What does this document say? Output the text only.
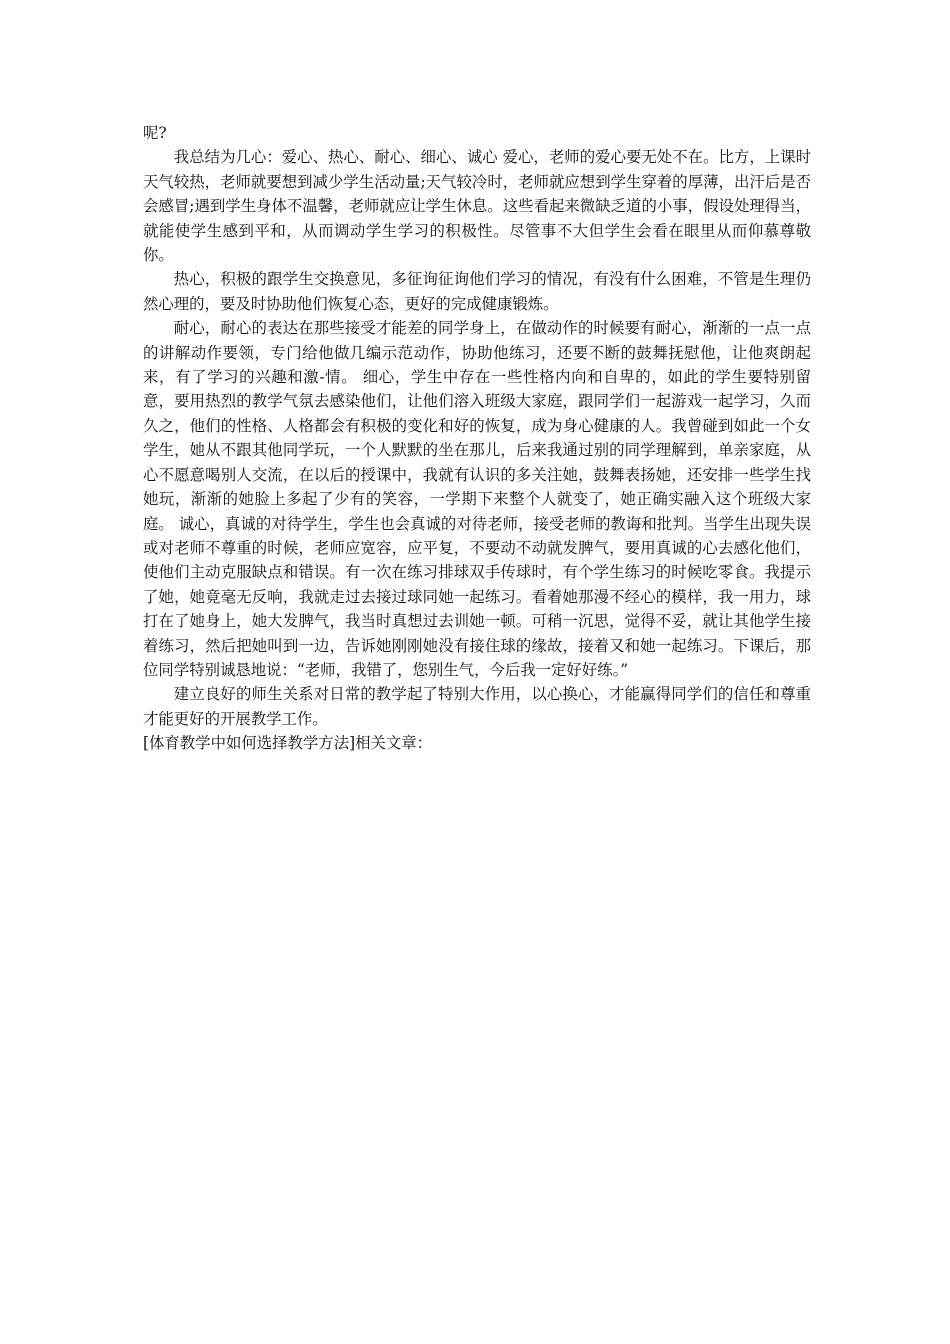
呢?

我总结为几心：爱心、热心、耐心、细心、诚心 爱心，老师的爱心要无处不在。比方，上课时天气较热，老师就要想到减少学生活动量;天气较冷时，老师就应想到学生穿着的厚薄，出汗后是否会感冒;遇到学生身体不温馨，老师就应让学生休息。这些看起来微缺乏道的小事，假设处理得当，就能使学生感到平和，从而调动学生学习的积极性。尽管事不大但学生会看在眼里从而仰慕尊敬你。

热心，积极的跟学生交换意见，多征询征询他们学习的情况，有没有什么困难，不管是生理仍然心理的，要及时协助他们恢复心态，更好的完成健康锻炼。

耐心，耐心的表达在那些接受才能差的同学身上，在做动作的时候要有耐心，渐渐的一点一点的讲解动作要领，专门给他做几编示范动作，协助他练习，还要不断的鼓舞抚慰他，让他爽朗起来，有了学习的兴趣和激-情。 细心，学生中存在一些性格内向和自卑的，如此的学生要特别留意，要用热烈的教学气氛去感染他们，让他们溶入班级大家庭，跟同学们一起游戏一起学习，久而久之，他们的性格、人格都会有积极的变化和好的恢复，成为身心健康的人。我曾碰到如此一个女学生，她从不跟其他同学玩，一个人默默的坐在那儿，后来我通过别的同学理解到，单亲家庭，从心不愿意喝别人交流，在以后的授课中，我就有认识的多关注她，鼓舞表扬她，还安排一些学生找她玩，渐渐的她脸上多起了少有的笑容，一学期下来整个人就变了，她正确实融入这个班级大家庭。 诚心，真诚的对待学生，学生也会真诚的对待老师，接受老师的教诲和批判。当学生出现失误或对老师不尊重的时候，老师应宽容，应平复，不要动不动就发脾气，要用真诚的心去感化他们，使他们主动克服缺点和错误。有一次在练习排球双手传球时，有个学生练习的时候吃零食。我提示了她，她竟毫无反响，我就走过去接过球同她一起练习。看着她那漫不经心的模样，我一用力，球打在了她身上，她大发脾气，我当时真想过去训她一顿。可稍一沉思，觉得不妥，就让其他学生接着练习，然后把她叫到一边，告诉她刚刚她没有接住球的缘故，接着又和她一起练习。下课后，那位同学特别诚恳地说：“老师，我错了，您别生气，今后我一定好好练。”

建立良好的师生关系对日常的教学起了特别大作用，以心换心，才能赢得同学们的信任和尊重才能更好的开展教学工作。

[体育教学中如何选择教学方法]相关文章：
